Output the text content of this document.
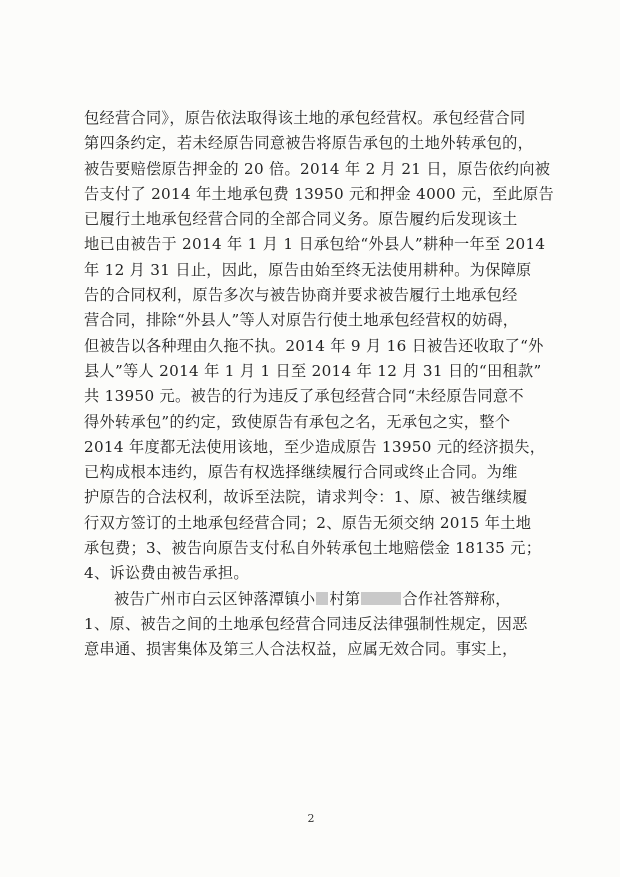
包经营合同》，原告依法取得该土地的承包经营权。承包经营合同
第四条约定，若未经原告同意被告将原告承包的土地外转承包的，
被告要赔偿原告押金的 20 倍。2014 年 2 月 21 日，原告依约向被
告支付了 2014 年土地承包费 13950 元和押金 4000 元，至此原告
已履行土地承包经营合同的全部合同义务。原告履约后发现该土
地已由被告于 2014 年 1 月 1 日承包给“外县人”耕种一年至 2014
年 12 月 31 日止，因此，原告由始至终无法使用耕种。为保障原
告的合同权利，原告多次与被告协商并要求被告履行土地承包经
营合同，排除“外县人”等人对原告行使土地承包经营权的妨碍，
但被告以各种理由久拖不执。2014 年 9 月 16 日被告还收取了“外
县人”等人 2014 年 1 月 1 日至 2014 年 12 月 31 日的“田租款”
共 13950 元。被告的行为违反了承包经营合同“未经原告同意不
得外转承包”的约定，致使原告有承包之名，无承包之实，整个
2014 年度都无法使用该地，至少造成原告 13950 元的经济损失，
已构成根本违约，原告有权选择继续履行合同或终止合同。为维
护原告的合法权利，故诉至法院，请求判令：1、原、被告继续履
行双方签订的土地承包经营合同；2、原告无须交纳 2015 年土地
承包费；3、被告向原告支付私自外转承包土地赔偿金 18135 元；
4、诉讼费由被告承担。
被告广州市白云区钟落潭镇小 村第	合作社答辩称，
1、原、被告之间的土地承包经营合同违反法律强制性规定，因恶
意串通、损害集体及第三人合法权益，应属无效合同。事实上，
2
